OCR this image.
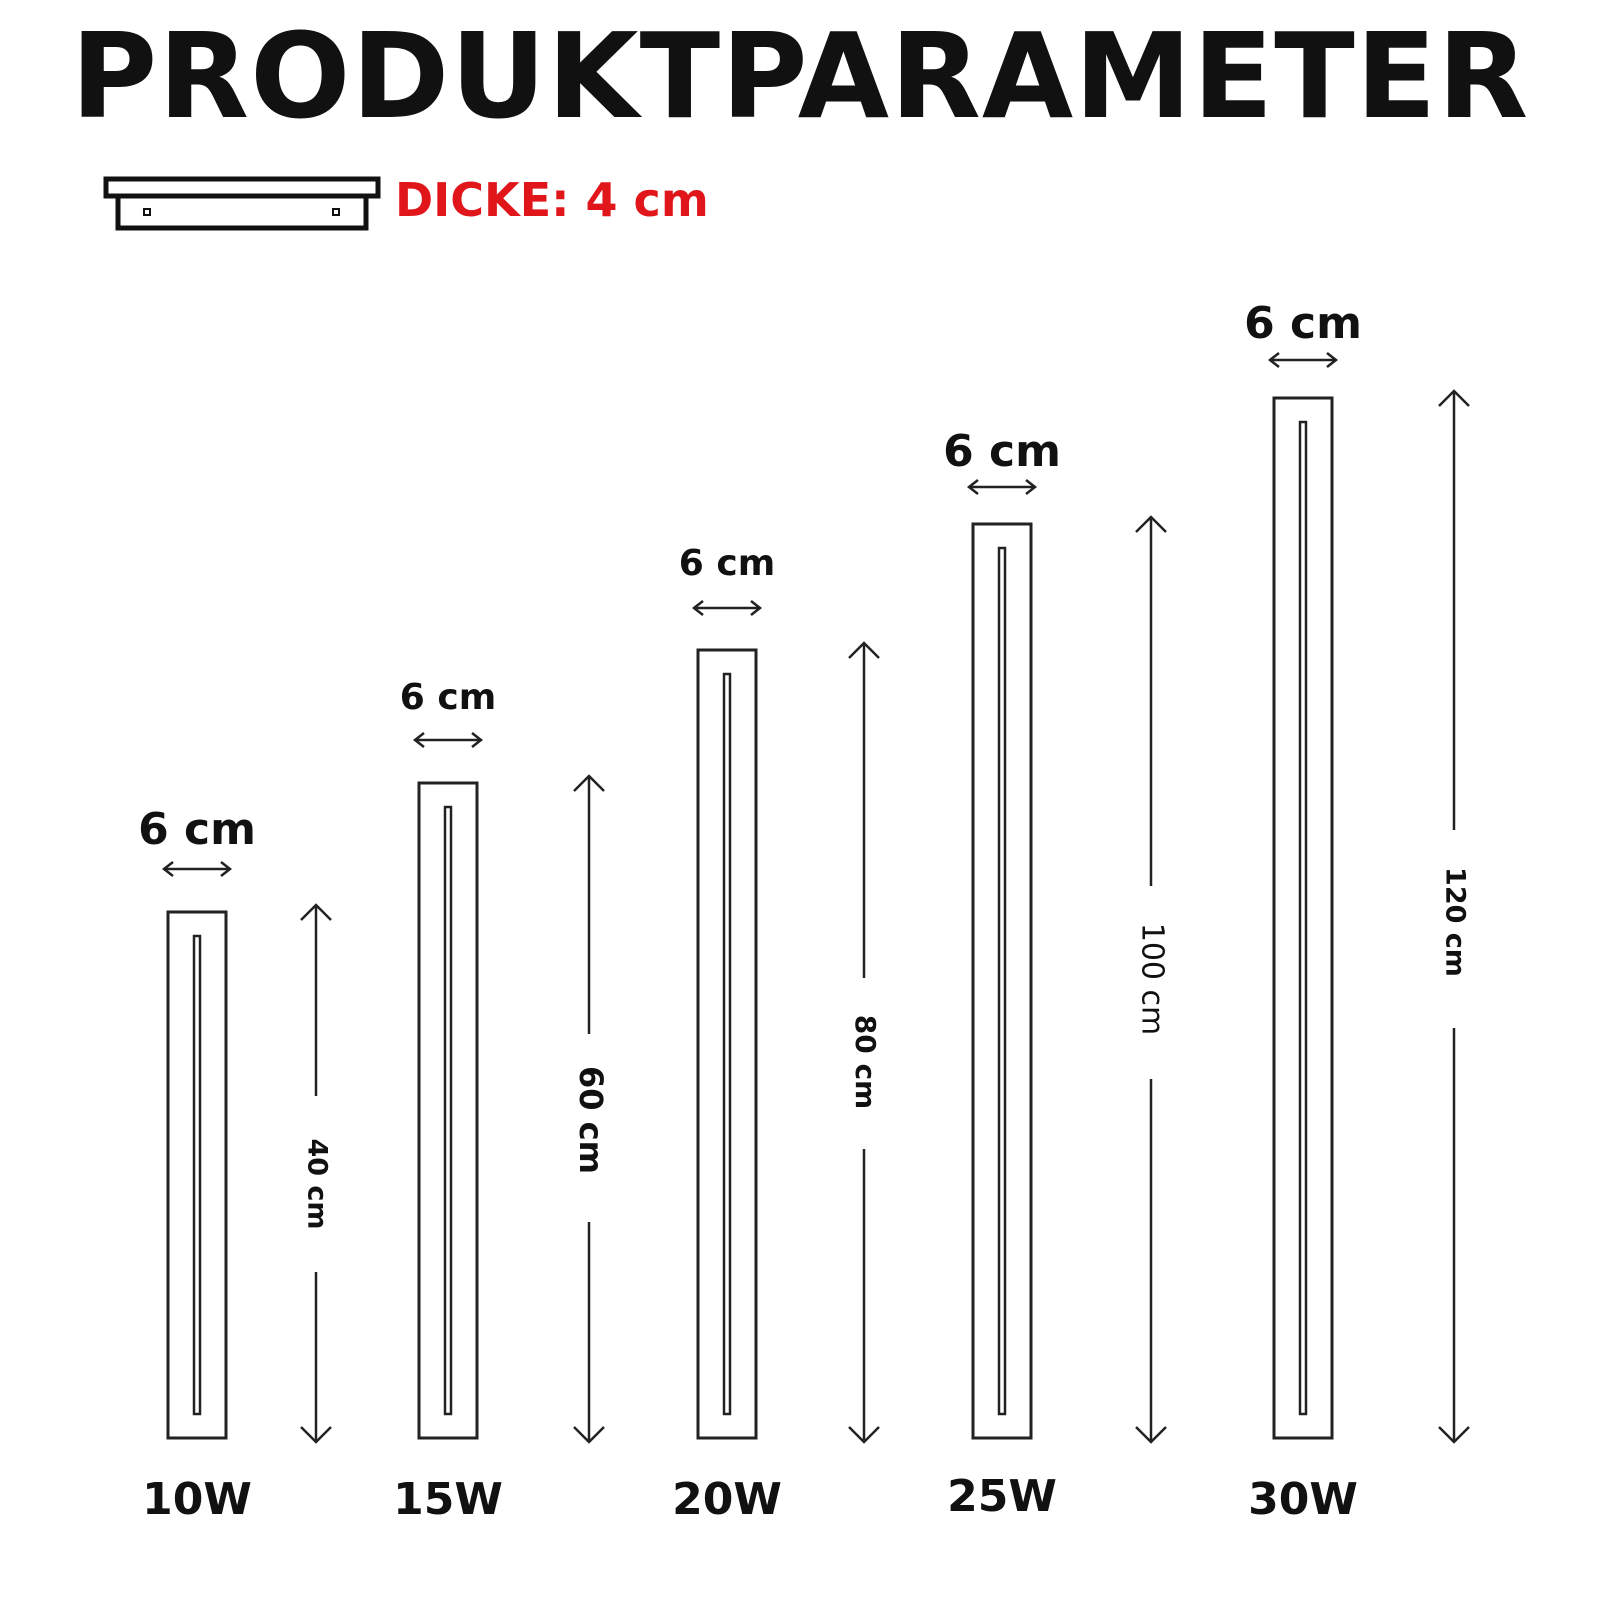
PRODUKTPARAMETER
DICKE: 4 cm
6 cm
40 cm
10W
6 cm
60 cm
15W
6 cm
80 cm
20W
6 cm
100 cm
25W
6 cm
120 cm
30W
